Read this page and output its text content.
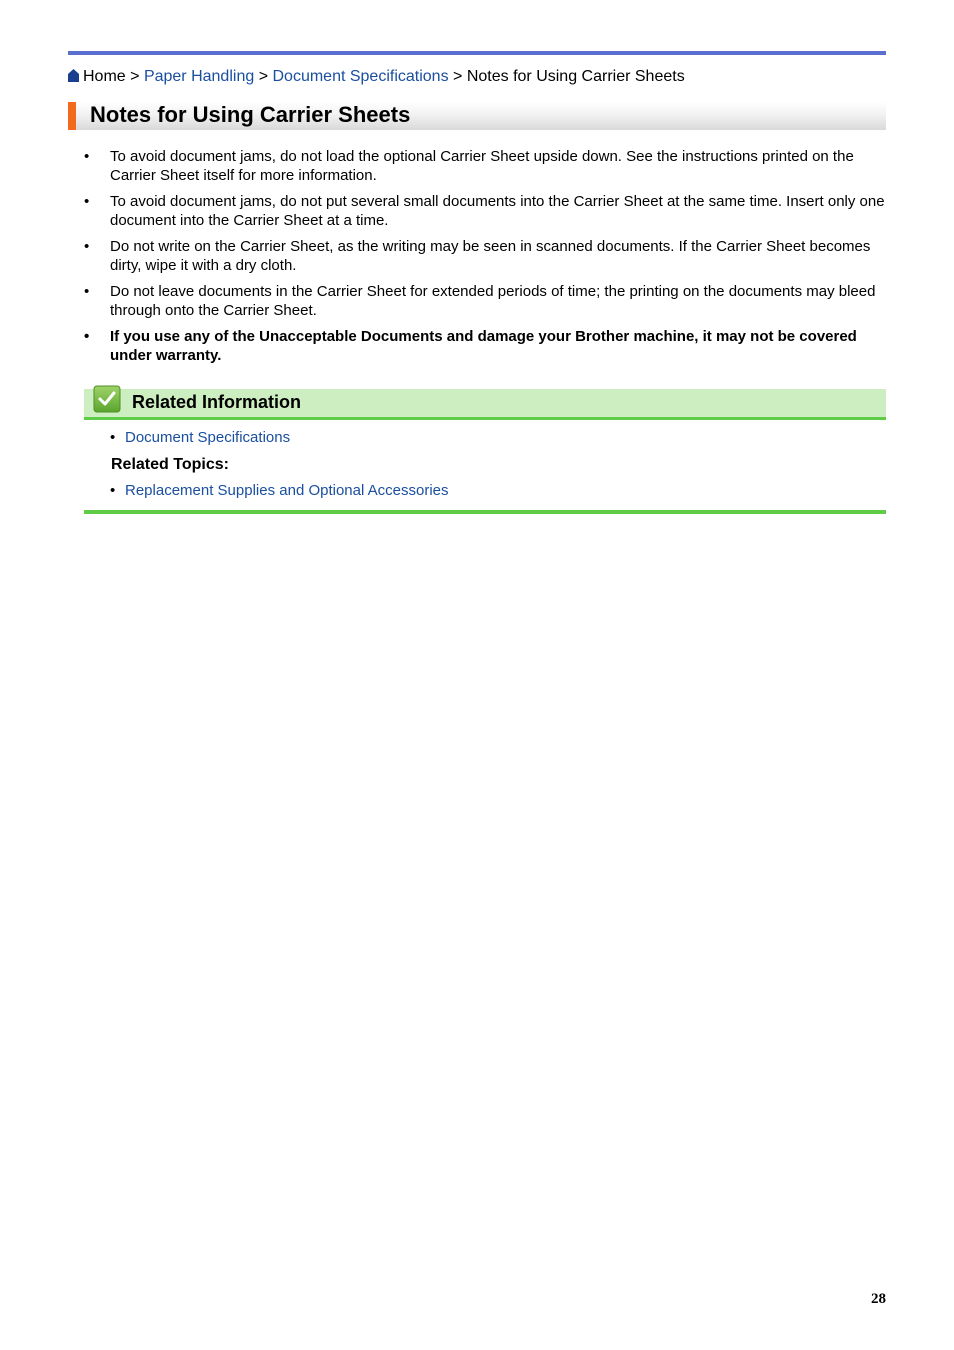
Home > Paper Handling > Document Specifications > Notes for Using Carrier Sheets
Notes for Using Carrier Sheets
• To avoid document jams, do not load the optional Carrier Sheet upside down. See the instructions printed on the Carrier Sheet itself for more information.
• To avoid document jams, do not put several small documents into the Carrier Sheet at the same time. Insert only one document into the Carrier Sheet at a time.
• Do not write on the Carrier Sheet, as the writing may be seen in scanned documents. If the Carrier Sheet becomes dirty, wipe it with a dry cloth.
• Do not leave documents in the Carrier Sheet for extended periods of time; the printing on the documents may bleed through onto the Carrier Sheet.
• If you use any of the Unacceptable Documents and damage your Brother machine, it may not be covered under warranty.
Related Information
• Document Specifications
Related Topics:
• Replacement Supplies and Optional Accessories
28
